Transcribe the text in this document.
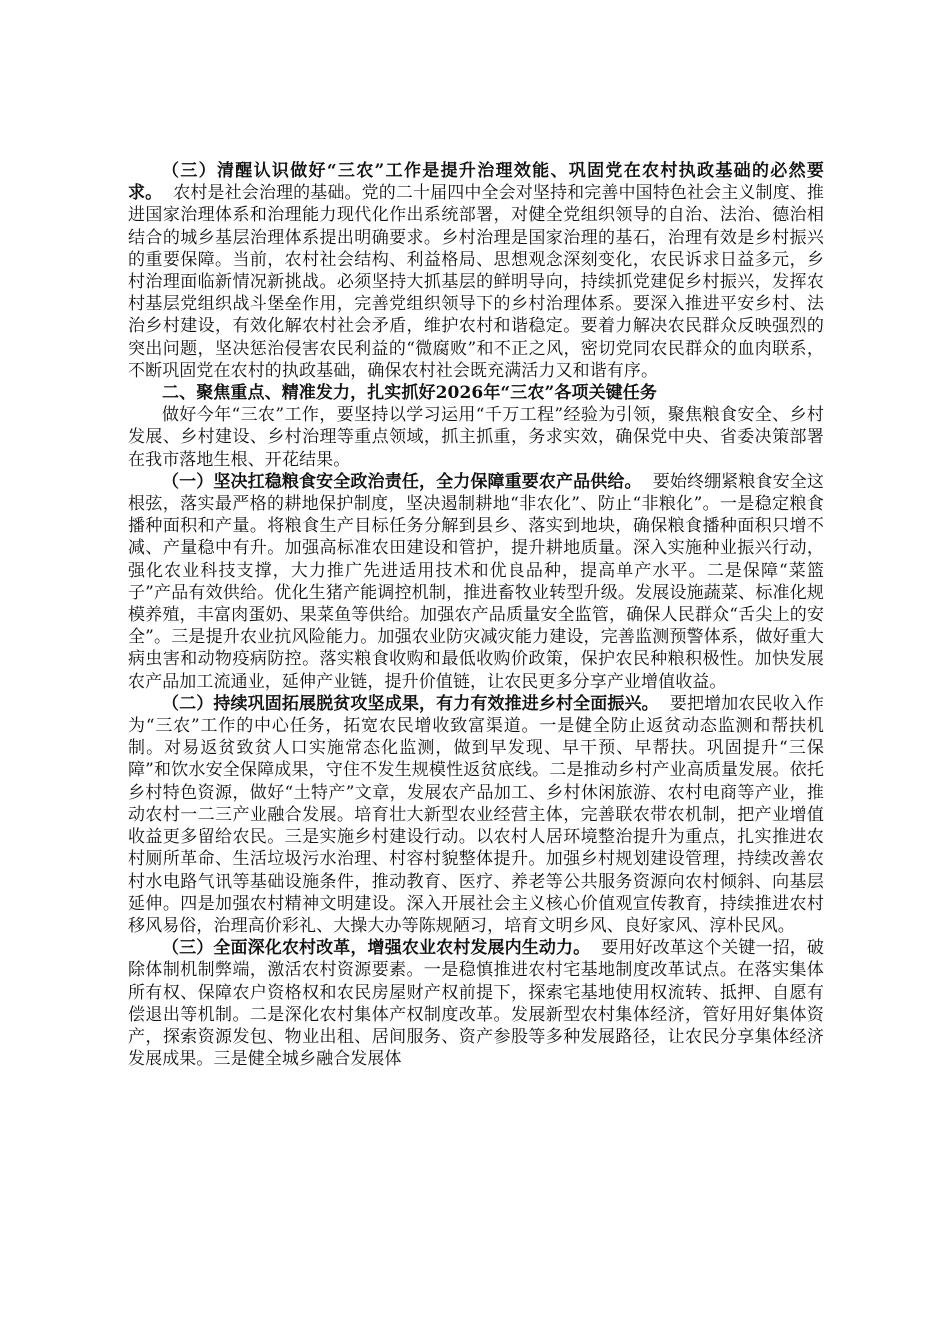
（三）清醒认识做好“三农”工作是提升治理效能、巩固党在农村执政基础的必然要求。 农村是社会治理的基础。党的二十届四中全会对坚持和完善中国特色社会主义制度、推进国家治理体系和治理能力现代化作出系统部署，对健全党组织领导的自治、法治、德治相结合的城乡基层治理体系提出明确要求。乡村治理是国家治理的基石，治理有效是乡村振兴的重要保障。当前，农村社会结构、利益格局、思想观念深刻变化，农民诉求日益多元，乡村治理面临新情况新挑战。必须坚持大抓基层的鲜明导向，持续抓党建促乡村振兴，发挥农村基层党组织战斗堡垒作用，完善党组织领导下的乡村治理体系。要深入推进平安乡村、法治乡村建设，有效化解农村社会矛盾，维护农村和谐稳定。要着力解决农民群众反映强烈的突出问题，坚决惩治侵害农民利益的“微腐败”和不正之风，密切党同农民群众的血肉联系，不断巩固党在农村的执政基础，确保农村社会既充满活力又和谐有序。

二、聚焦重点、精准发力，扎实抓好2026年“三农”各项关键任务

做好今年“三农”工作，要坚持以学习运用“千万工程”经验为引领，聚焦粮食安全、乡村发展、乡村建设、乡村治理等重点领域，抓主抓重，务求实效，确保党中央、省委决策部署在我市落地生根、开花结果。

（一）坚决扛稳粮食安全政治责任，全力保障重要农产品供给。 要始终绷紧粮食安全这根弦，落实最严格的耕地保护制度，坚决遏制耕地“非农化”、防止“非粮化”。一是稳定粮食播种面积和产量。将粮食生产目标任务分解到县乡、落实到地块，确保粮食播种面积只增不减、产量稳中有升。加强高标准农田建设和管护，提升耕地质量。深入实施种业振兴行动，强化农业科技支撑，大力推广先进适用技术和优良品种，提高单产水平。二是保障“菜篮子”产品有效供给。优化生猪产能调控机制，推进畜牧业转型升级。发展设施蔬菜、标准化规模养殖，丰富肉蛋奶、果菜鱼等供给。加强农产品质量安全监管，确保人民群众“舌尖上的安全”。三是提升农业抗风险能力。加强农业防灾减灾能力建设，完善监测预警体系，做好重大病虫害和动物疫病防控。落实粮食收购和最低收购价政策，保护农民种粮积极性。加快发展农产品加工流通业，延伸产业链，提升价值链，让农民更多分享产业增值收益。

（二）持续巩固拓展脱贫攻坚成果，有力有效推进乡村全面振兴。 要把增加农民收入作为“三农”工作的中心任务，拓宽农民增收致富渠道。一是健全防止返贫动态监测和帮扶机制。对易返贫致贫人口实施常态化监测，做到早发现、早干预、早帮扶。巩固提升“三保障”和饮水安全保障成果，守住不发生规模性返贫底线。二是推动乡村产业高质量发展。依托乡村特色资源，做好“土特产”文章，发展农产品加工、乡村休闲旅游、农村电商等产业，推动农村一二三产业融合发展。培育壮大新型农业经营主体，完善联农带农机制，把产业增值收益更多留给农民。三是实施乡村建设行动。以农村人居环境整治提升为重点，扎实推进农村厕所革命、生活垃圾污水治理、村容村貌整体提升。加强乡村规划建设管理，持续改善农村水电路气讯等基础设施条件，推动教育、医疗、养老等公共服务资源向农村倾斜、向基层延伸。四是加强农村精神文明建设。深入开展社会主义核心价值观宣传教育，持续推进农村移风易俗，治理高价彩礼、大操大办等陈规陋习，培育文明乡风、良好家风、淳朴民风。

（三）全面深化农村改革，增强农业农村发展内生动力。 要用好改革这个关键一招，破除体制机制弊端，激活农村资源要素。一是稳慎推进农村宅基地制度改革试点。在落实集体所有权、保障农户资格权和农民房屋财产权前提下，探索宅基地使用权流转、抵押、自愿有偿退出等机制。二是深化农村集体产权制度改革。发展新型农村集体经济，管好用好集体资产，探索资源发包、物业出租、居间服务、资产参股等多种发展路径，让农民分享集体经济发展成果。三是健全城乡融合发展体
